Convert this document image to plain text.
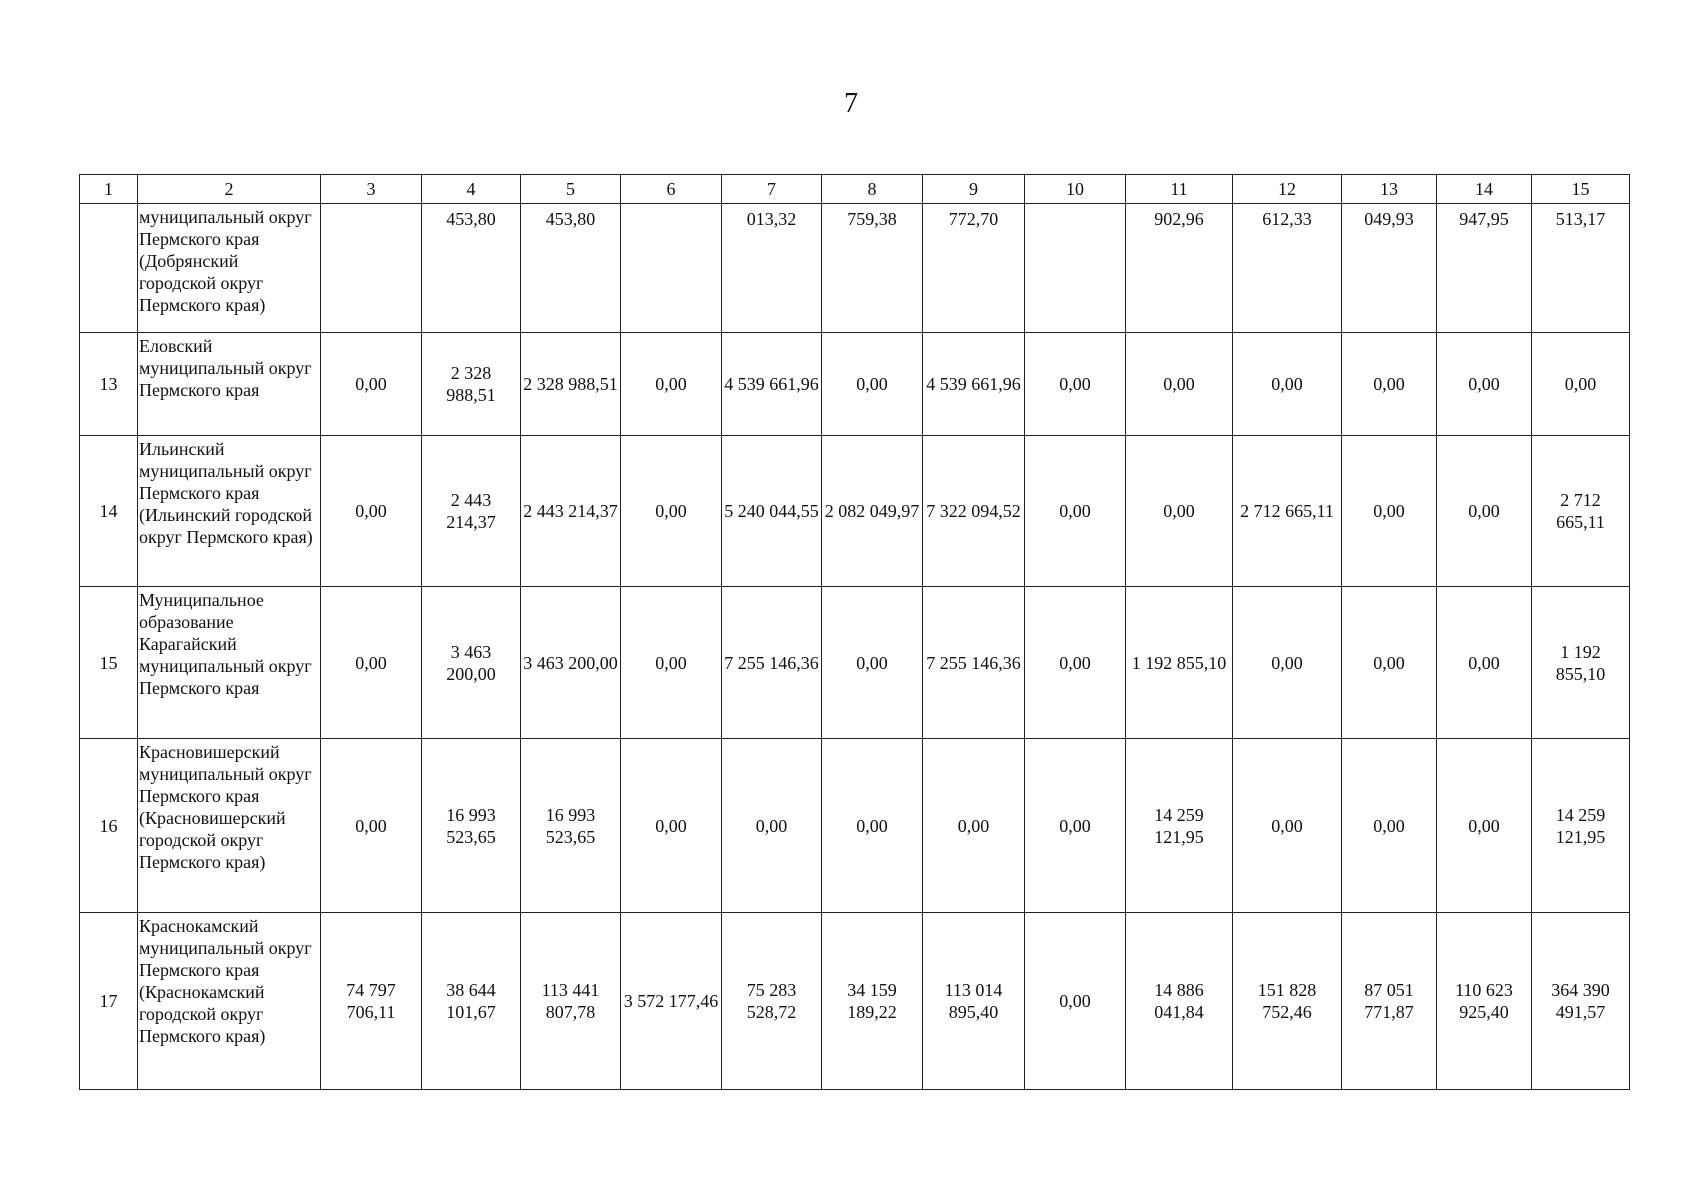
7
1	2	3	4	5	6	7	8	9	10	11	12	13	14	15
	муниципальный округ Пермского края (Добрянский городской округ Пермского края)		453,80	453,80		013,32	759,38	772,70		902,96	612,33	049,93	947,95	513,17
13	Еловский муниципальный округ Пермского края	0,00	2 328 988,51	2 328 988,51	0,00	4 539 661,96	0,00	4 539 661,96	0,00	0,00	0,00	0,00	0,00	0,00
14	Ильинский муниципальный округ Пермского края (Ильинский городской округ Пермского края)	0,00	2 443 214,37	2 443 214,37	0,00	5 240 044,55	2 082 049,97	7 322 094,52	0,00	0,00	2 712 665,11	0,00	0,00	2 712 665,11
15	Муниципальное образование Карагайский муниципальный округ Пермского края	0,00	3 463 200,00	3 463 200,00	0,00	7 255 146,36	0,00	7 255 146,36	0,00	1 192 855,10	0,00	0,00	0,00	1 192 855,10
16	Красновишерский муниципальный округ Пермского края (Красновишерский городской округ Пермского края)	0,00	16 993 523,65	16 993 523,65	0,00	0,00	0,00	0,00	0,00	14 259 121,95	0,00	0,00	0,00	14 259 121,95
17	Краснокамский муниципальный округ Пермского края (Краснокамский городской округ Пермского края)	74 797 706,11	38 644 101,67	113 441 807,78	3 572 177,46	75 283 528,72	34 159 189,22	113 014 895,40	0,00	14 886 041,84	151 828 752,46	87 051 771,87	110 623 925,40	364 390 491,57
